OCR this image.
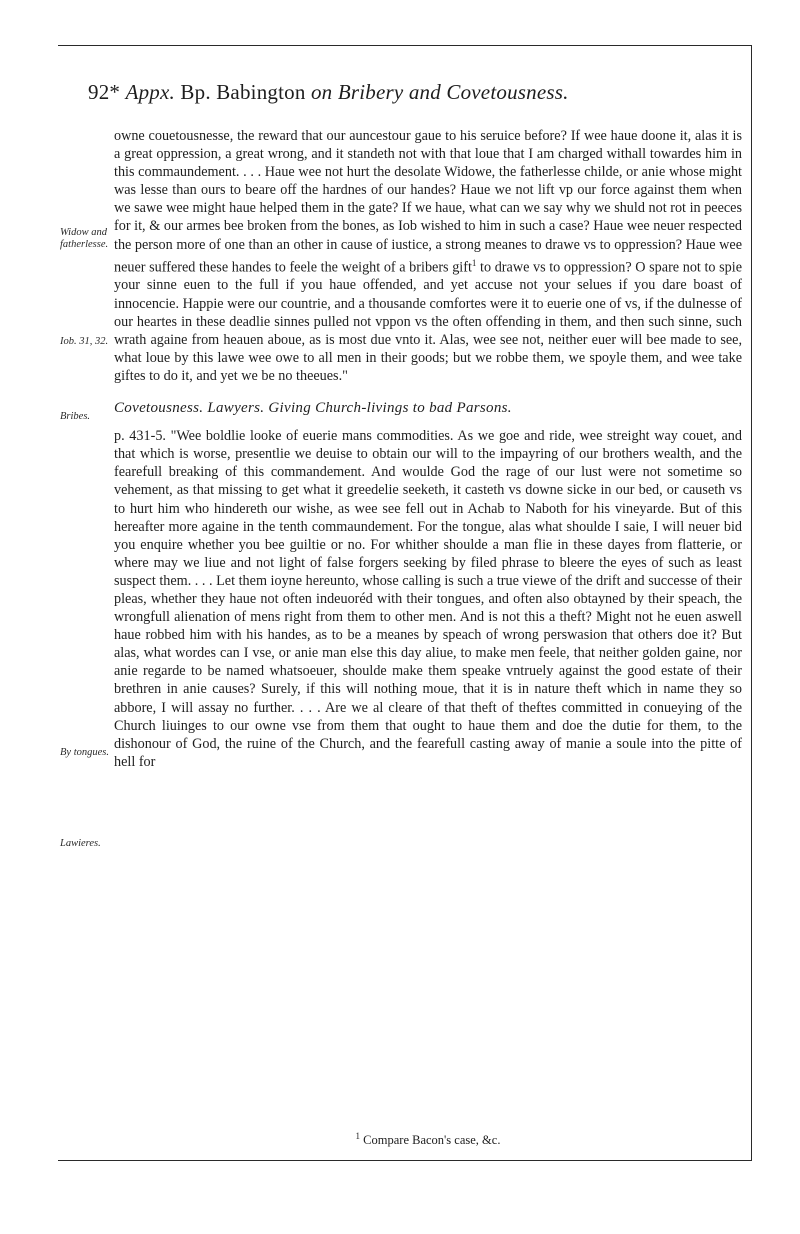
92* Appx. Bp. Babington on Bribery and Covetousness.
Widow and fatherlesse.
Iob. 31, 32.
Bribes.
By tongues.
Lawieres.

owne couetousnesse, the reward that our auncestour gaue to his seruice before? If wee haue doone it, alas it is a great oppression, a great wrong, and it standeth not with that loue that I am charged withall towardes him in this commaundement. . . . Haue wee not hurt the desolate Widowe, the fatherlesse childe, or anie whose might was lesse than ours to beare off the hardnes of our handes? Haue we not lift vp our force against them when we sawe wee might haue helped them in the gate? If we haue, what can we say why we shuld not rot in peeces for it, & our armes bee broken from the bones, as Iob wished to him in such a case? Haue wee neuer respected the person more of one than an other in cause of iustice, a strong meanes to drawe vs to oppression? Haue wee neuer suffered these handes to feele the weight of a bribers gift$^1$ to drawe vs to oppression? O spare not to spie your sinne euen to the full if you haue offended, and yet accuse not your selues if you dare boast of innocencie. Happie were our countrie, and a thousande comfortes were it to euerie one of vs, if the dulnesse of our heartes in these deadlie sinnes pulled not vppon vs the often offending in them, and then such sinne, such wrath againe from heauen aboue, as is most due vnto it. Alas, wee see not, neither euer will bee made to see, what loue by this lawe wee owe to all men in their goods; but we robbe them, we spoyle them, and wee take giftes to do it, and yet we be no theeues."

Covetousness. Lawyers. Giving Church-livings to bad Parsons.

p. 431-5. "Wee boldlie looke of euerie mans commodities. As we goe and ride, wee streight way couet, and that which is worse, presentlie we deuise to obtain our will to the impayring of our brothers wealth, and the fearefull breaking of this commandement. And woulde God the rage of our lust were not sometime so vehement, as that missing to get what it greedelie seeketh, it casteth vs downe sicke in our bed, or causeth vs to hurt him who hindereth our wishe, as wee see fell out in Achab to Naboth for his vineyarde. But of this hereafter more againe in the tenth commaundement. For the tongue, alas what shoulde I saie, I will neuer bid you enquire whether you bee guiltie or no. For whither shoulde a man flie in these dayes from flatterie, or where may we liue and not light of false forgers seeking by filed phrase to bleere the eyes of such as least suspect them. . . . Let them ioyne hereunto, whose calling is such a true viewe of the drift and successe of their pleas, whether they haue not often indeuoréd with their tongues, and often also obtayned by their speach, the wrongfull alienation of mens right from them to other men. And is not this a theft? Might not he euen aswell haue robbed him with his handes, as to be a meanes by speach of wrong perswasion that others doe it? But alas, what wordes can I vse, or anie man else this day aliue, to make men feele, that neither golden gaine, nor anie regarde to be named whatsoeuer, shoulde make them speake vntruely against the good estate of their brethren in anie causes? Surely, if this will nothing moue, that it is in nature theft which in name they so abbore, I will assay no further. . . . Are we al cleare of that theft of theftes committed in conueying of the Church liuinges to our owne vse from them that ought to haue them and doe the dutie for them, to the dishonour of God, the ruine of the Church, and the fearefull casting away of manie a soule into the pitte of hell for

$^1$ Compare Bacon's case, &c.
